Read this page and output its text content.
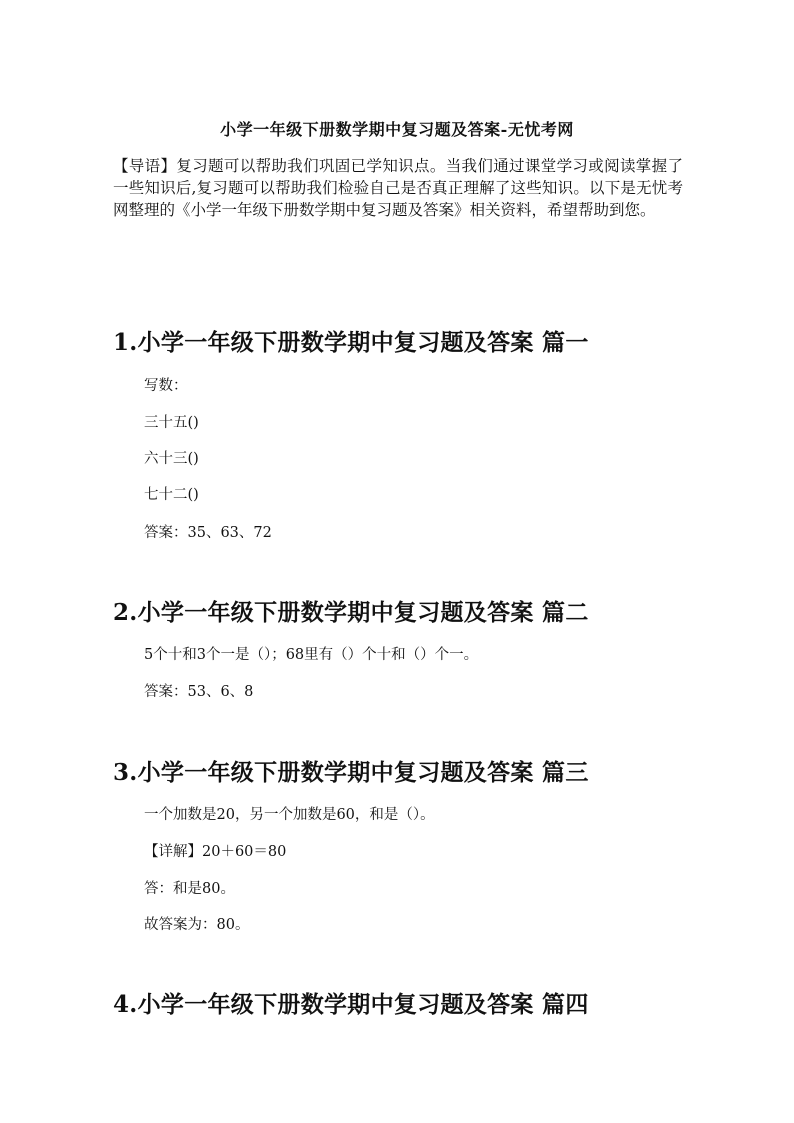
小学一年级下册数学期中复习题及答案-无忧考网
【导语】复习题可以帮助我们巩固已学知识点。当我们通过课堂学习或阅读掌握了一些知识后,复习题可以帮助我们检验自己是否真正理解了这些知识。以下是无忧考网整理的《小学一年级下册数学期中复习题及答案》相关资料，希望帮助到您。
1.小学一年级下册数学期中复习题及答案 篇一
写数：
三十五()
六十三()
七十二()
答案：35、63、72
2.小学一年级下册数学期中复习题及答案 篇二
5个十和3个一是（）；68里有（）个十和（）个一。
答案：53、6、8
3.小学一年级下册数学期中复习题及答案 篇三
一个加数是20，另一个加数是60，和是（）。
【详解】20＋60＝80
答：和是80。
故答案为：80。
4.小学一年级下册数学期中复习题及答案 篇四
